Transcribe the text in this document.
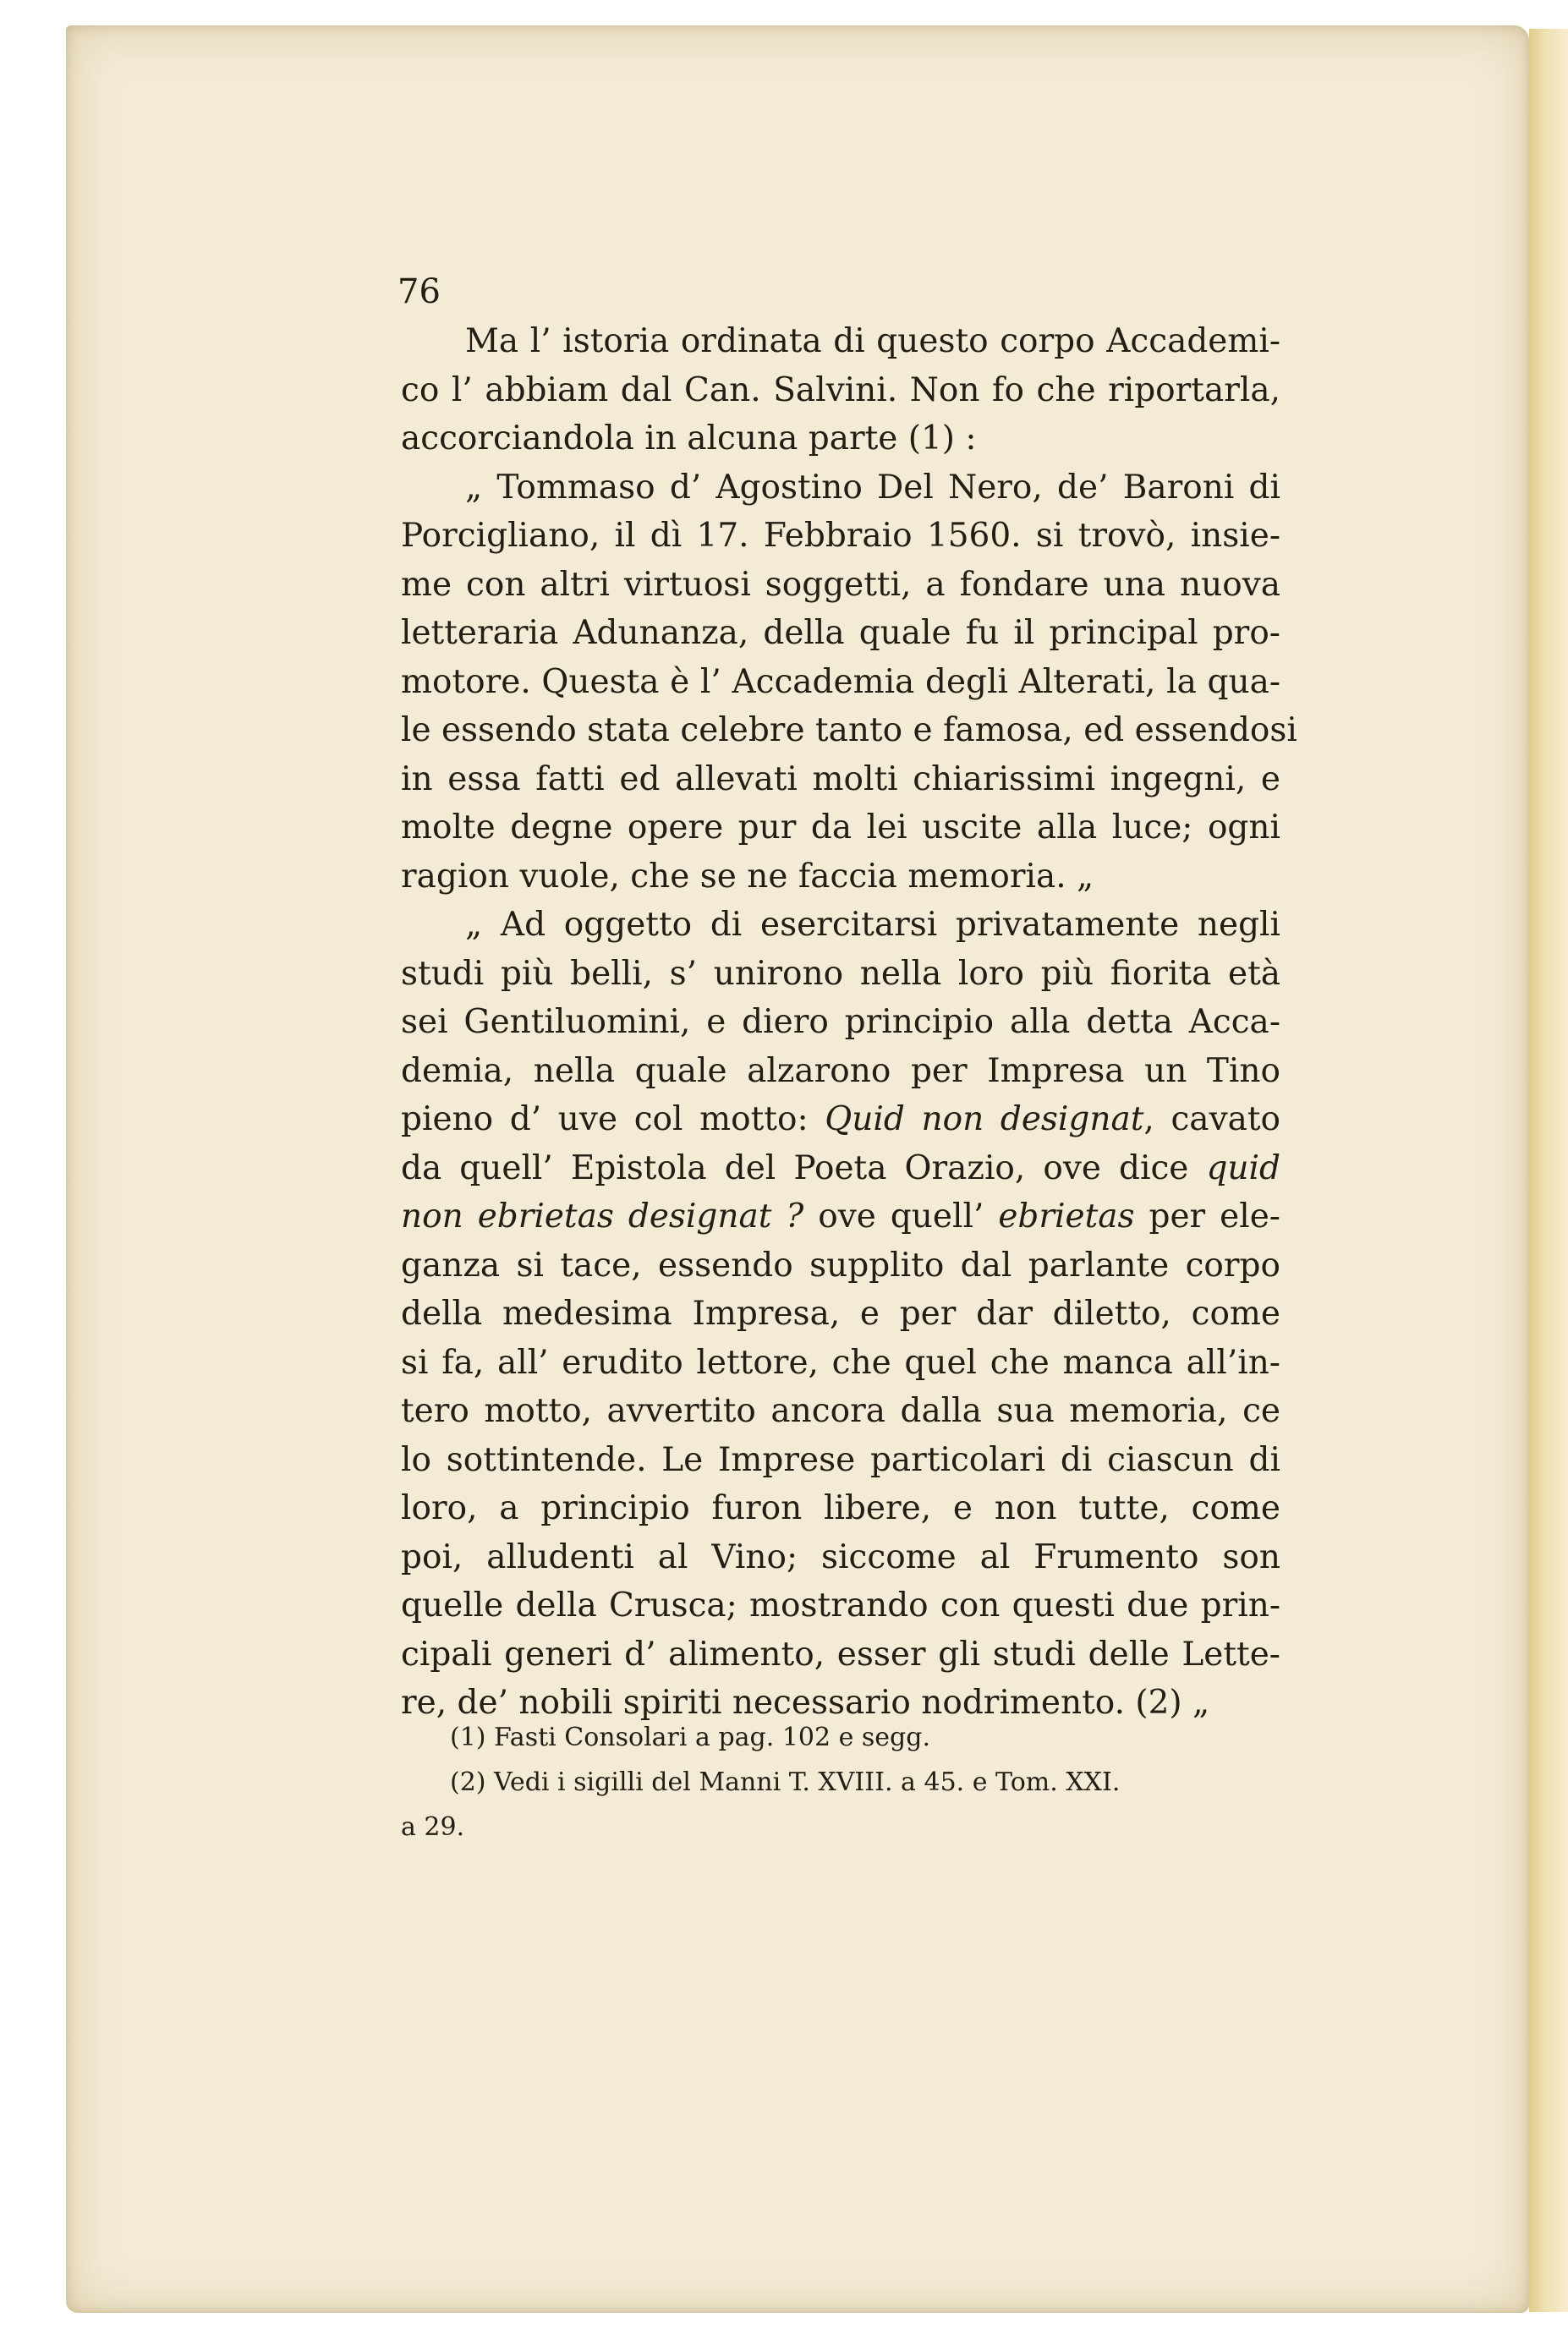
76
Ma l’ istoria ordinata di questo corpo Accademi-
co l’ abbiam dal Can. Salvini. Non fo che riportarla,
accorciandola in alcuna parte (1) :
„ Tommaso d’ Agostino Del Nero, de’ Baroni di
Porcigliano, il dì 17. Febbraio 1560. si trovò, insie-
me con altri virtuosi soggetti, a fondare una nuova
letteraria Adunanza, della quale fu il principal pro-
motore. Questa è l’ Accademia degli Alterati, la qua-
le essendo stata celebre tanto e famosa, ed essendosi
in essa fatti ed allevati molti chiarissimi ingegni, e
molte degne opere pur da lei uscite alla luce; ogni
ragion vuole, che se ne faccia memoria. „
„ Ad oggetto di esercitarsi privatamente negli
studi più belli, s’ unirono nella loro più fiorita età
sei Gentiluomini, e diero principio alla detta Acca-
demia, nella quale alzarono per Impresa un Tino
pieno d’ uve col motto: Quid non designat, cavato
da quell’ Epistola del Poeta Orazio, ove dice quid
non ebrietas designat ? ove quell’ ebrietas per ele-
ganza si tace, essendo supplito dal parlante corpo
della medesima Impresa, e per dar diletto, come
si fa, all’ erudito lettore, che quel che manca all’in-
tero motto, avvertito ancora dalla sua memoria, ce
lo sottintende. Le Imprese particolari di ciascun di
loro, a principio furon libere, e non tutte, come
poi, alludenti al Vino; siccome al Frumento son
quelle della Crusca; mostrando con questi due prin-
cipali generi d’ alimento, esser gli studi delle Lette-
re, de’ nobili spiriti necessario nodrimento. (2) „
(1) Fasti Consolari a pag. 102 e segg.
(2) Vedi i sigilli del Manni T. XVIII. a 45. e Tom. XXI.
a 29.
